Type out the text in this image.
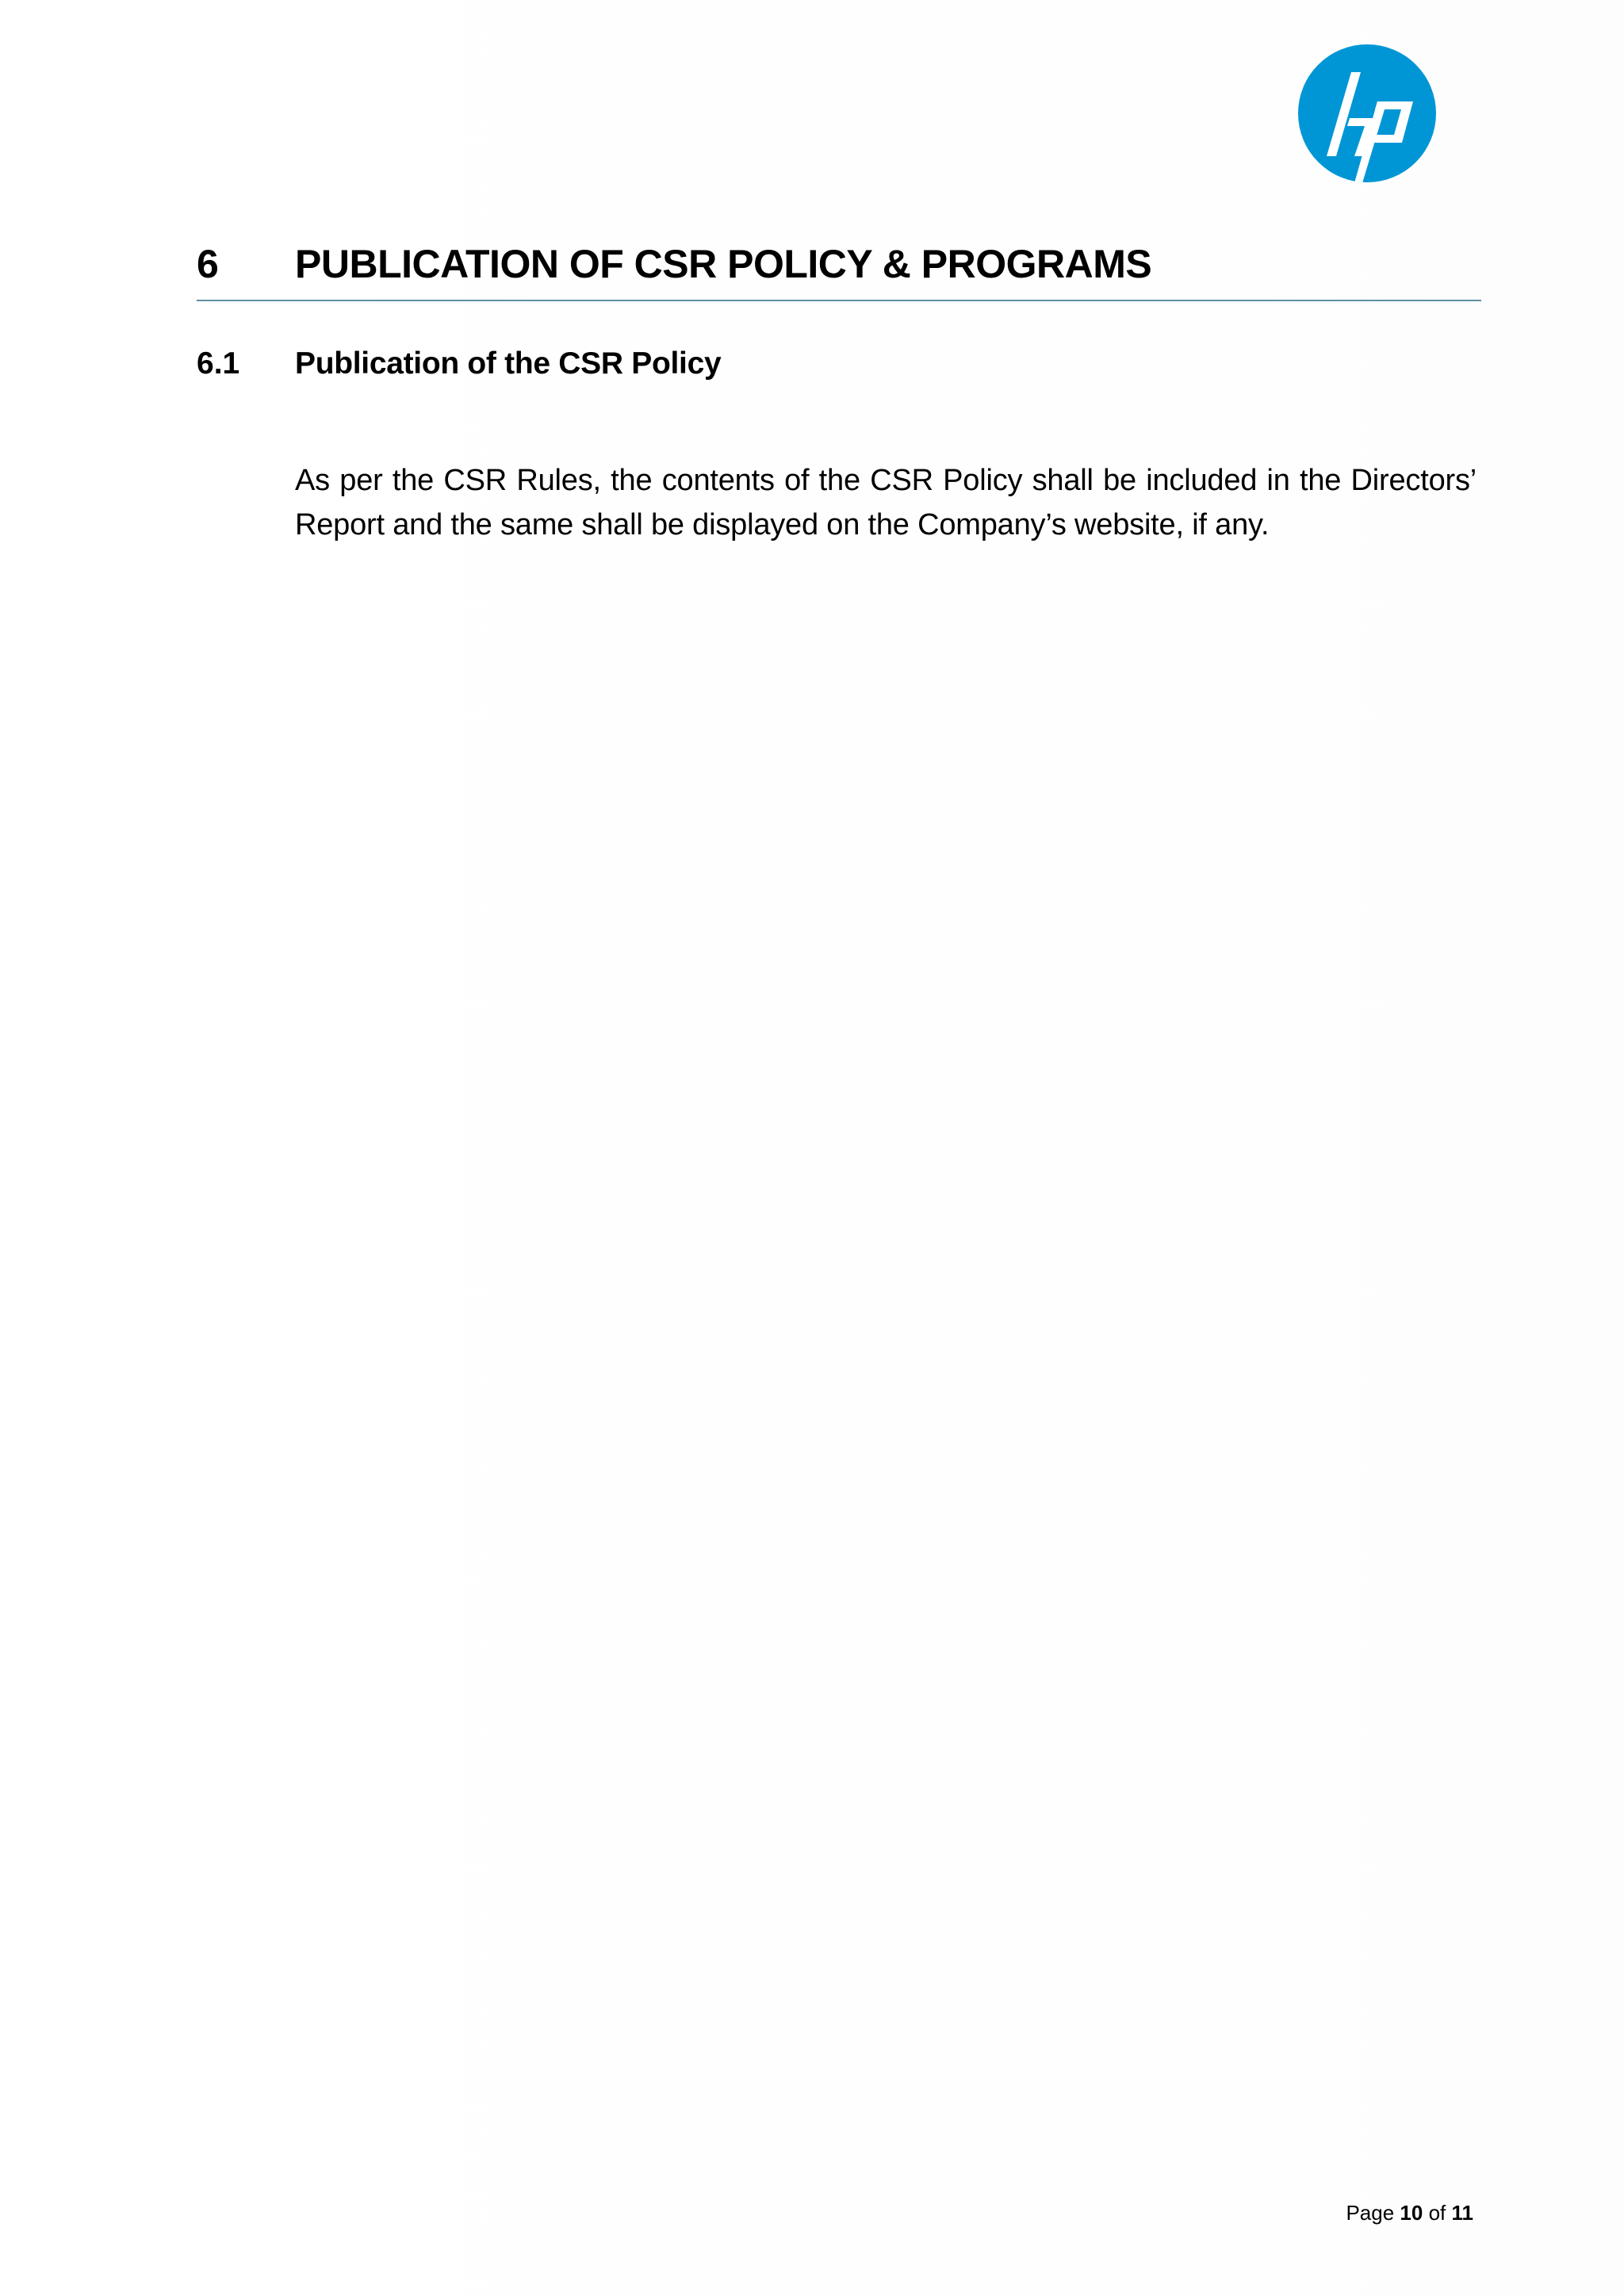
6 PUBLICATION OF CSR POLICY & PROGRAMS
6.1 Publication of the CSR Policy

As per the CSR Rules, the contents of the CSR Policy shall be included in the Directors’ Report and the same shall be displayed on the Company’s website, if any.

Page 10 of 11
